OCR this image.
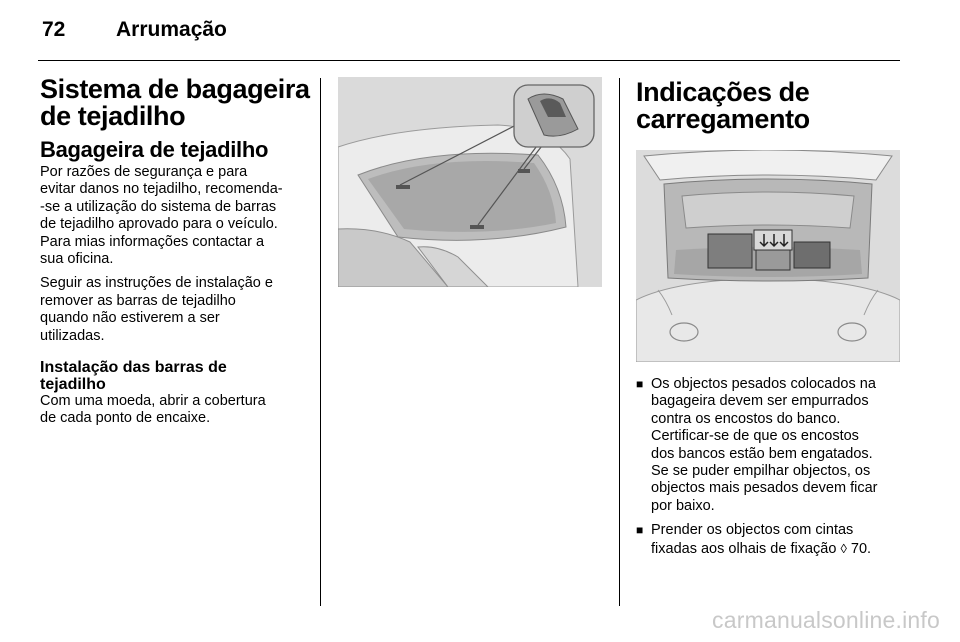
72 Arrumação
Sistema de bagageira
de tejadilho
Bagageira de tejadilho
Por razões de segurança e para
evitar danos no tejadilho, recomenda-
-se a utilização do sistema de barras
de tejadilho aprovado para o veículo.
Para mias informações contactar a
sua oficina.
Seguir as instruções de instalação e
remover as barras de tejadilho
quando não estiverem a ser
utilizadas.
Instalação das barras de
tejadilho
Com uma moeda, abrir a cobertura
de cada ponto de encaixe.
Indicações de
carregamento
■ Os objectos pesados colocados na
bagageira devem ser empurrados
contra os encostos do banco.
Certificar-se de que os encostos
dos bancos estão bem engatados.
Se se puder empilhar objectos, os
objectos mais pesados devem ficar
por baixo.
■ Prender os objectos com cintas
fixadas aos olhais de fixação ◊ 70.
carmanualsonline.info
